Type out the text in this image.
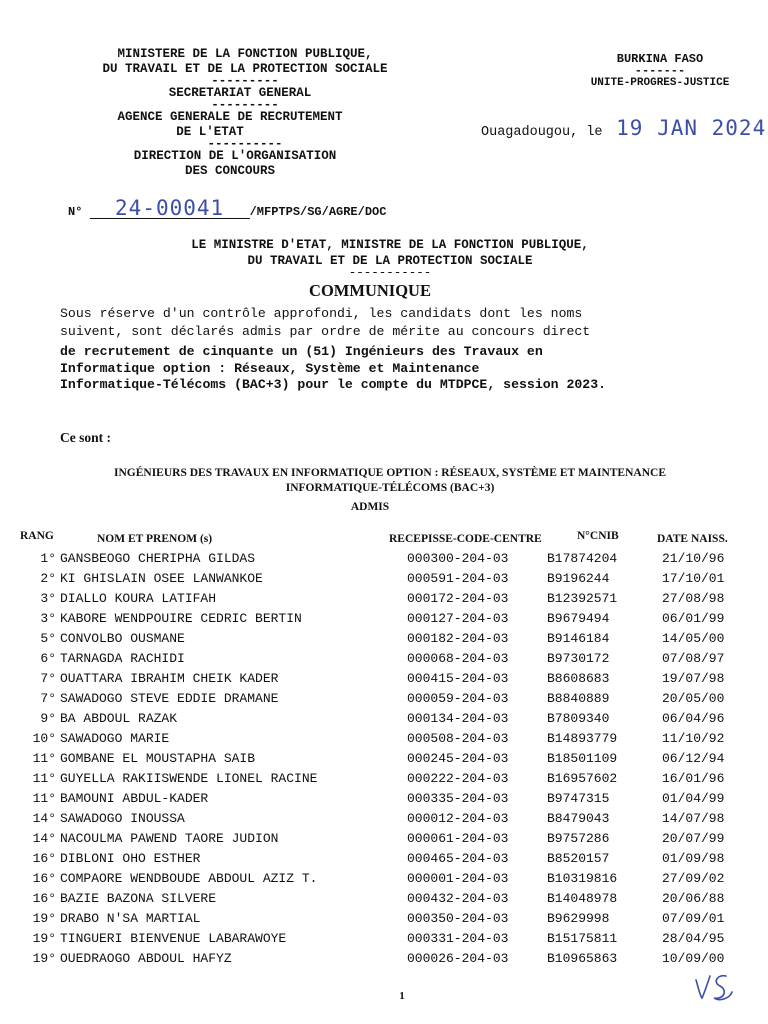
MINISTERE DE LA FONCTION PUBLIQUE,
DU TRAVAIL ET DE LA PROTECTION SOCIALE
---------
SECRETARIAT GENERAL
---------
AGENCE GENERALE DE RECRUTEMENT
DE L'ETAT
----------
DIRECTION DE L'ORGANISATION
DES CONCOURS
N° 24-00041 /MFPTPS/SG/AGRE/DOC
BURKINA FASO
-------
UNITE-PROGRES-JUSTICE
Ouagadougou, le 19 JAN 2024
LE MINISTRE D'ETAT, MINISTRE DE LA FONCTION PUBLIQUE,
DU TRAVAIL ET DE LA PROTECTION SOCIALE
-----------
COMMUNIQUE
Sous réserve d'un contrôle approfondi, les candidats dont les noms
suivent, sont déclarés admis par ordre de mérite au concours direct
de recrutement de cinquante un (51) Ingénieurs des Travaux en
Informatique option : Réseaux, Système et Maintenance
Informatique-Télécoms (BAC+3) pour le compte du MTDPCE, session 2023.
Ce sont :
INGÉNIEURS DES TRAVAUX EN INFORMATIQUE OPTION : RÉSEAUX, SYSTÈME ET MAINTENANCE
INFORMATIQUE-TÉLÉCOMS (BAC+3)
ADMIS
RANG	NOM ET PRENOM (s)	RECEPISSE-CODE-CENTRE	N°CNIB	DATE NAISS.
1° GANSBEOGO CHERIPHA GILDAS	000300-204-03	B17874204	21/10/96
2° KI GHISLAIN OSEE LANWANKOE	000591-204-03	B9196244	17/10/01
3° DIALLO KOURA LATIFAH	000172-204-03	B12392571	27/08/98
3° KABORE WENDPOUIRE CEDRIC BERTIN	000127-204-03	B9679494	06/01/99
5° CONVOLBO OUSMANE	000182-204-03	B9146184	14/05/00
6° TARNAGDA RACHIDI	000068-204-03	B9730172	07/08/97
7° OUATTARA IBRAHIM CHEIK KADER	000415-204-03	B8608683	19/07/98
7° SAWADOGO STEVE EDDIE DRAMANE	000059-204-03	B8840889	20/05/00
9° BA ABDOUL RAZAK	000134-204-03	B7809340	06/04/96
10° SAWADOGO MARIE	000508-204-03	B14893779	11/10/92
11° GOMBANE EL MOUSTAPHA SAIB	000245-204-03	B18501109	06/12/94
11° GUYELLA RAKIISWENDE LIONEL RACINE	000222-204-03	B16957602	16/01/96
11° BAMOUNI ABDUL-KADER	000335-204-03	B9747315	01/04/99
14° SAWADOGO INOUSSA	000012-204-03	B8479043	14/07/98
14° NACOULMA PAWEND TAORE JUDION	000061-204-03	B9757286	20/07/99
16° DIBLONI OHO ESTHER	000465-204-03	B8520157	01/09/98
16° COMPAORE WENDBOUDE ABDOUL AZIZ T.	000001-204-03	B10319816	27/09/02
16° BAZIE BAZONA SILVERE	000432-204-03	B14048978	20/06/88
19° DRABO N'SA MARTIAL	000350-204-03	B9629998	07/09/01
19° TINGUERI BIENVENUE LABARAWOYE	000331-204-03	B15175811	28/04/95
19° OUEDRAOGO ABDOUL HAFYZ	000026-204-03	B10965863	10/09/00
1
